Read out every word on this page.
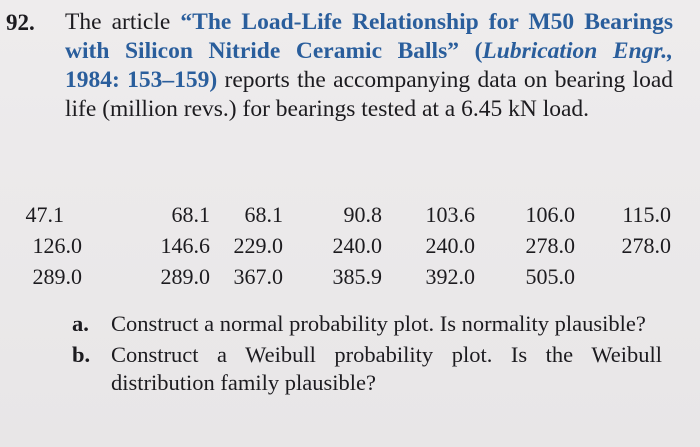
92. The article “The Load-Life Relationship for M50 Bearings with Silicon Nitride Ceramic Balls” (Lubrication Engr., 1984: 153–159) reports the accompanying data on bearing load life (million revs.) for bearings tested at a 6.45 kN load.
47.1	68.1	68.1	90.8	103.6	106.0	115.0
126.0	146.6	229.0	240.0	240.0	278.0	278.0
289.0	289.0	367.0	385.9	392.0	505.0
a. Construct a normal probability plot. Is normality plausible?
b. Construct a Weibull probability plot. Is the Weibull distribution family plausible?
